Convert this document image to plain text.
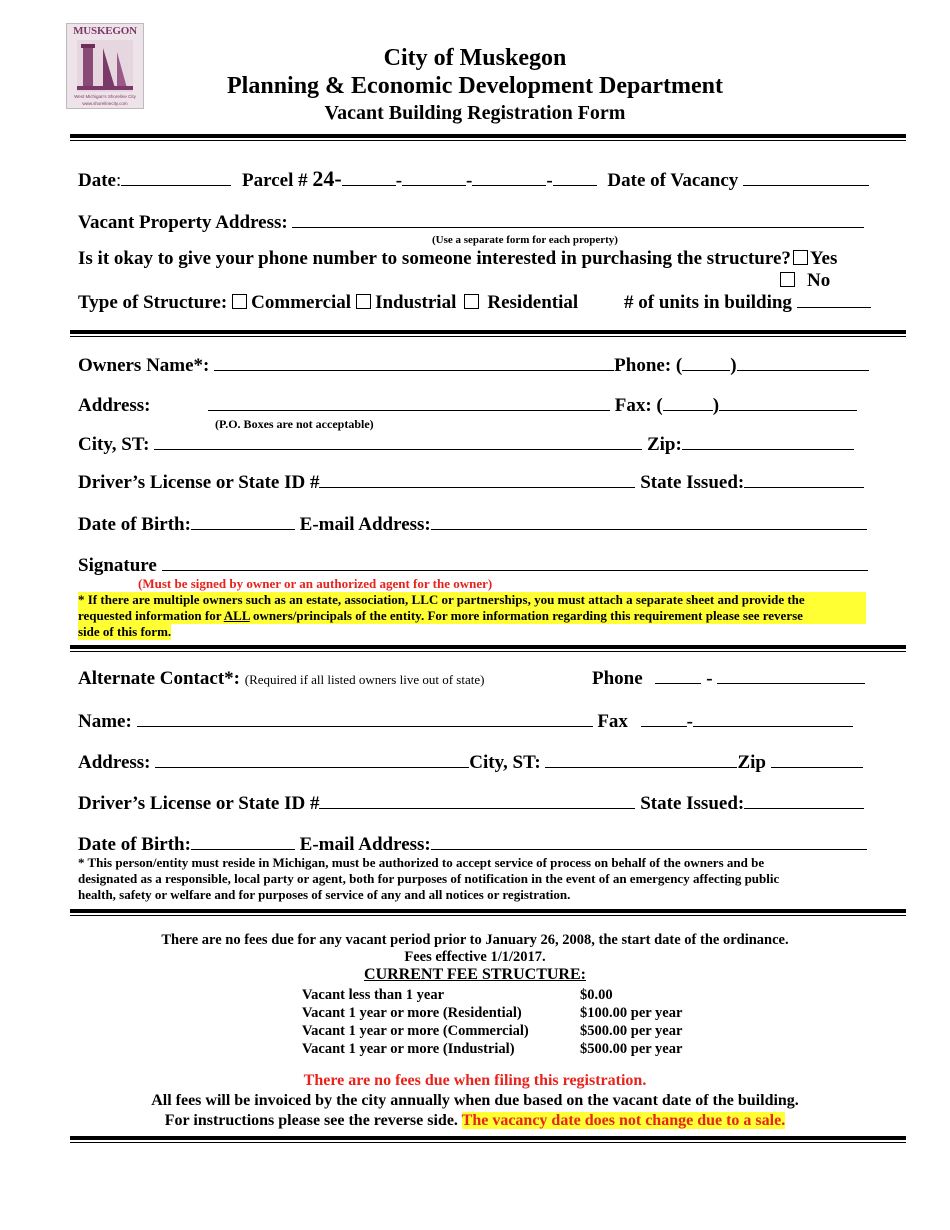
MUSKEGON
West Michigan's Shoreline City
www.shorelinecity.com
City of Muskegon
Planning & Economic Development Department
Vacant Building Registration Form
Date:	Parcel # 24-	-	-	-	Date of Vacancy
Vacant Property Address:
(Use a separate form for each property)
Is it okay to give your phone number to someone interested in purchasing the structure? Yes
No
Type of Structure: Commercial Industrial Residential # of units in building
Owners Name*:	Phone: (	)
Address:	Fax: (	)
(P.O. Boxes are not acceptable)
City, ST:	Zip:
Driver’s License or State ID #	State Issued:
Date of Birth:	E-mail Address:
Signature
(Must be signed by owner or an authorized agent for the owner)
* If there are multiple owners such as an estate, association, LLC or partnerships, you must attach a separate sheet and provide the
requested information for ALL owners/principals of the entity. For more information regarding this requirement please see reverse
side of this form.
Alternate Contact*: (Required if all listed owners live out of state)	Phone	-
Name:	Fax	-
Address:	City, ST:	Zip
Driver’s License or State ID #	State Issued:
Date of Birth:	E-mail Address:
* This person/entity must reside in Michigan, must be authorized to accept service of process on behalf of the owners and be
designated as a responsible, local party or agent, both for purposes of notification in the event of an emergency affecting public
health, safety or welfare and for purposes of service of any and all notices or registration.
There are no fees due for any vacant period prior to January 26, 2008, the start date of the ordinance.
Fees effective 1/1/2017.
CURRENT FEE STRUCTURE:
Vacant less than 1 year	$0.00
Vacant 1 year or more (Residential)	$100.00 per year
Vacant 1 year or more (Commercial)	$500.00 per year
Vacant 1 year or more (Industrial)	$500.00 per year
There are no fees due when filing this registration.
All fees will be invoiced by the city annually when due based on the vacant date of the building.
For instructions please see the reverse side. The vacancy date does not change due to a sale.
